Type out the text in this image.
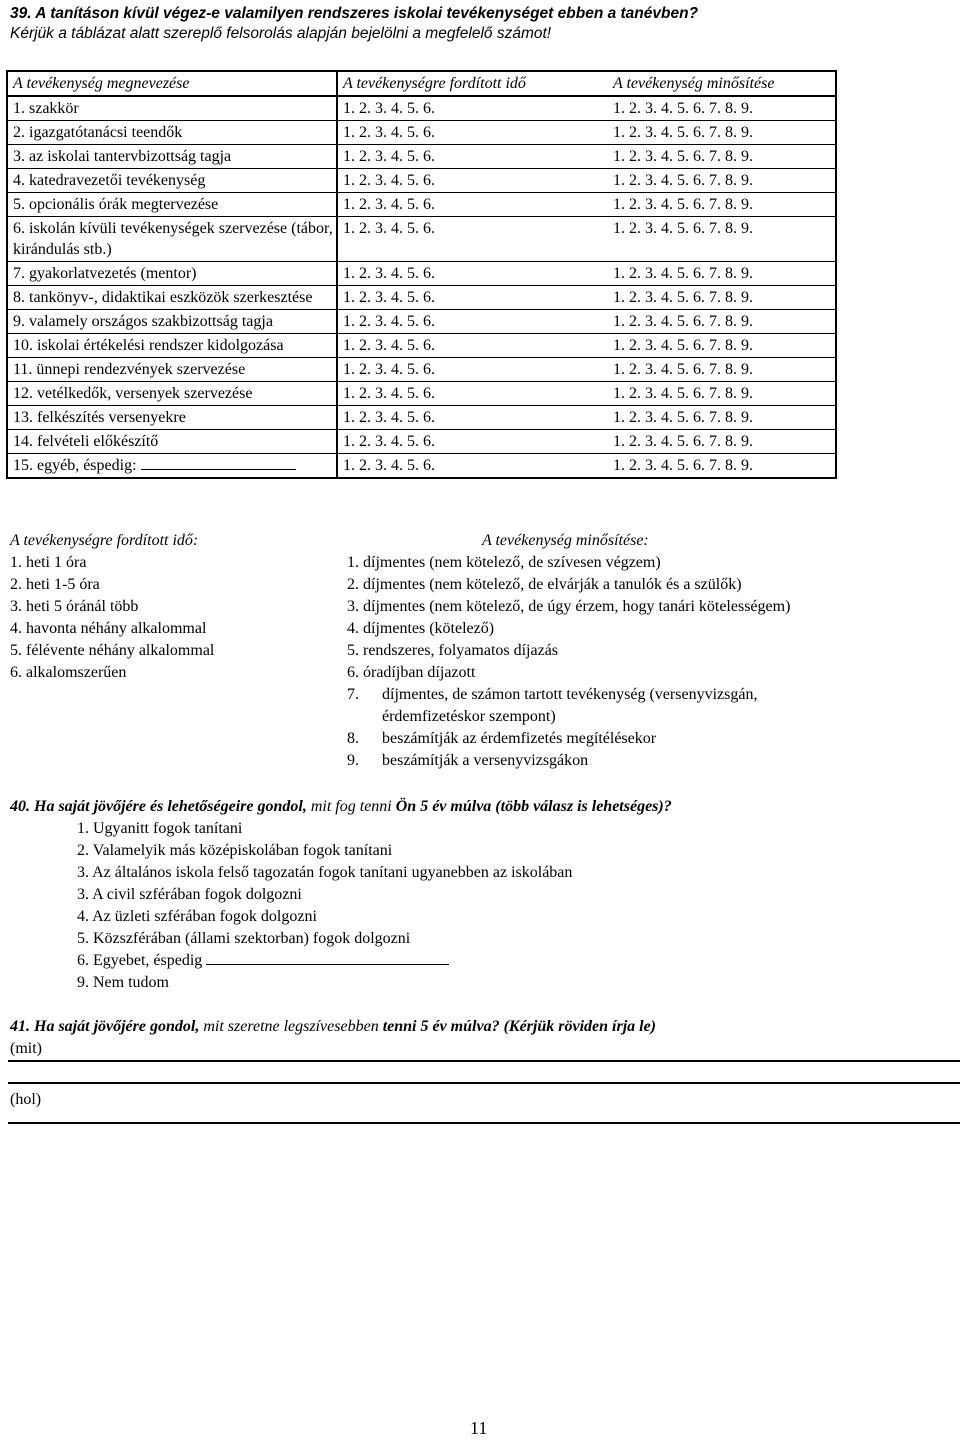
39. A tanításon kívül végez-e valamilyen rendszeres iskolai tevékenységet ebben a tanévben?
Kérjük a táblázat alatt szereplő felsorolás alapján bejelölni a megfelelő számot!
A tevékenység megnevezése	A tevékenységre fordított idő	A tevékenység minősítése
1. szakkör	1. 2. 3. 4. 5. 6.	1. 2. 3. 4. 5. 6. 7. 8. 9.
2. igazgatótanácsi teendők	1. 2. 3. 4. 5. 6.	1. 2. 3. 4. 5. 6. 7. 8. 9.
3. az iskolai tantervbizottság tagja	1. 2. 3. 4. 5. 6.	1. 2. 3. 4. 5. 6. 7. 8. 9.
4. katedravezetői tevékenység	1. 2. 3. 4. 5. 6.	1. 2. 3. 4. 5. 6. 7. 8. 9.
5. opcionális órák megtervezése	1. 2. 3. 4. 5. 6.	1. 2. 3. 4. 5. 6. 7. 8. 9.
6. iskolán kívüli tevékenységek szervezése (tábor, kirándulás stb.)	1. 2. 3. 4. 5. 6.	1. 2. 3. 4. 5. 6. 7. 8. 9.
7. gyakorlatvezetés (mentor)	1. 2. 3. 4. 5. 6.	1. 2. 3. 4. 5. 6. 7. 8. 9.
8. tankönyv-, didaktikai eszközök szerkesztése	1. 2. 3. 4. 5. 6.	1. 2. 3. 4. 5. 6. 7. 8. 9.
9. valamely országos szakbizottság tagja	1. 2. 3. 4. 5. 6.	1. 2. 3. 4. 5. 6. 7. 8. 9.
10. iskolai értékelési rendszer kidolgozása	1. 2. 3. 4. 5. 6.	1. 2. 3. 4. 5. 6. 7. 8. 9.
11. ünnepi rendezvények szervezése	1. 2. 3. 4. 5. 6.	1. 2. 3. 4. 5. 6. 7. 8. 9.
12. vetélkedők, versenyek szervezése	1. 2. 3. 4. 5. 6.	1. 2. 3. 4. 5. 6. 7. 8. 9.
13. felkészítés versenyekre	1. 2. 3. 4. 5. 6.	1. 2. 3. 4. 5. 6. 7. 8. 9.
14. felvételi előkészítő	1. 2. 3. 4. 5. 6.	1. 2. 3. 4. 5. 6. 7. 8. 9.
15. egyéb, éspedig:	1. 2. 3. 4. 5. 6.	1. 2. 3. 4. 5. 6. 7. 8. 9.
A tevékenységre fordított idő:
1. heti 1 óra
2. heti 1-5 óra
3. heti 5 óránál több
4. havonta néhány alkalommal
5. félévente néhány alkalommal
6. alkalomszerűen
A tevékenység minősítése:
1. díjmentes (nem kötelező, de szívesen végzem)
2. díjmentes (nem kötelező, de elvárják a tanulók és a szülők)
3. díjmentes (nem kötelező, de úgy érzem, hogy tanári kötelességem)
4. díjmentes (kötelező)
5. rendszeres, folyamatos díjazás
6. óradíjban díjazott
7. díjmentes, de számon tartott tevékenység (versenyvizsgán,
érdemfizetéskor szempont)
8. beszámítják az érdemfizetés megítélésekor
9. beszámítják a versenyvizsgákon
40. Ha saját jövőjére és lehetőségeire gondol, mit fog tenni Ön 5 év múlva (több válasz is lehetséges)?
1. Ugyanitt fogok tanítani
2. Valamelyik más középiskolában fogok tanítani
3. Az általános iskola felső tagozatán fogok tanítani ugyanebben az iskolában
3. A civil szférában fogok dolgozni
4. Az üzleti szférában fogok dolgozni
5. Közszférában (állami szektorban) fogok dolgozni
6. Egyebet, éspedig
9. Nem tudom
41. Ha saját jövőjére gondol, mit szeretne legszívesebben tenni 5 év múlva? (Kérjük röviden írja le)
(mit)
(hol)
11
